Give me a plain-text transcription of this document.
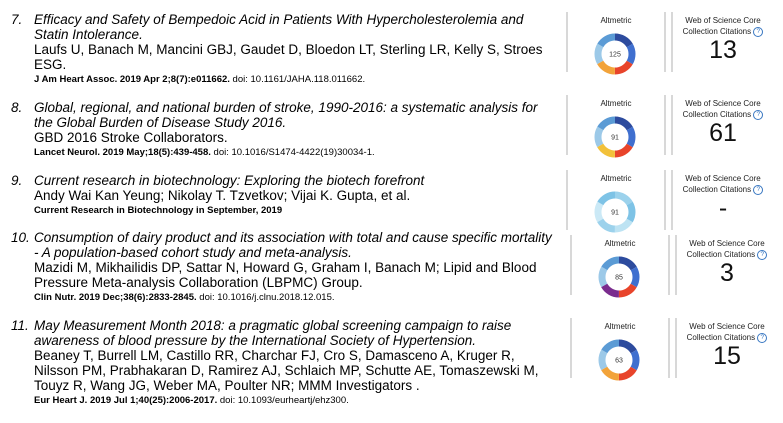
7. Efficacy and Safety of Bempedoic Acid in Patients With Hypercholesterolemia and Statin Intolerance.

Laufs U, Banach M, Mancini GBJ, Gaudet D, Bloedon LT, Sterling LR, Kelly S, Stroes ESG.

J Am Heart Assoc. 2019 Apr 2;8(7):e011662. doi: 10.1161/JAHA.118.011662.

Altmetric
125
Web of Science Core
Collection Citations ?
13
8. Global, regional, and national burden of stroke, 1990-2016: a systematic analysis for the Global Burden of Disease Study 2016.

GBD 2016 Stroke Collaborators.

Lancet Neurol. 2019 May;18(5):439-458. doi: 10.1016/S1474-4422(19)30034-1.

Altmetric
91
Web of Science Core
Collection Citations ?
61
9. Current research in biotechnology: Exploring the biotech forefront

Andy Wai Kan Yeung; Nikolay T. Tzvetkov; Vijai K. Gupta, et al.

Current Research in Biotechnology in September, 2019

Altmetric
91
Web of Science Core
Collection Citations ?
-
10. Consumption of dairy product and its association with total and cause specific mortality - A population-based cohort study and meta-analysis.

Mazidi M, Mikhailidis DP, Sattar N, Howard G, Graham I, Banach M; Lipid and Blood Pressure Meta-analysis Collaboration (LBPMC) Group.

Clin Nutr. 2019 Dec;38(6):2833-2845. doi: 10.1016/j.clnu.2018.12.015.

Altmetric
85
Web of Science Core
Collection Citations ?
3
11. May Measurement Month 2018: a pragmatic global screening campaign to raise awareness of blood pressure by the International Society of Hypertension.

Beaney T, Burrell LM, Castillo RR, Charchar FJ, Cro S, Damasceno A, Kruger R, Nilsson PM, Prabhakaran D, Ramirez AJ, Schlaich MP, Schutte AE, Tomaszewski M, Touyz R, Wang JG, Weber MA, Poulter NR; MMM Investigators .

Eur Heart J. 2019 Jul 1;40(25):2006-2017. doi: 10.1093/eurheartj/ehz300.

Altmetric
63
Web of Science Core
Collection Citations ?
15
